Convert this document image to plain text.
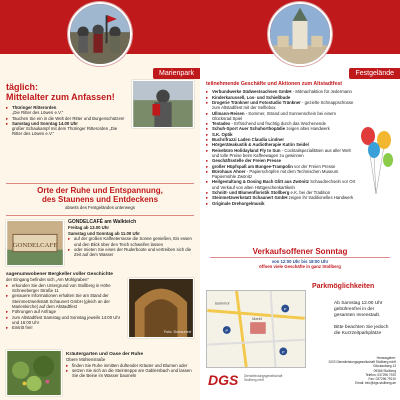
Marienpark
täglich:
Mittelalter zum Anfassen!
▸ Thüringer Ritterorden
„Die Ritter des Löwen e.V.“
▸ Tauchen Sie ein in die Welt der Ritter und Burgenschützen!
▸ Samstag und Sonntag 14.00 Uhr
großer Schaukampf mit dem Thüringer Ritterorden „Die Ritter des Löwen e.V.“
Orte der Ruhe und Entspannung,
des Staunens und Entdeckens
abseits des Festgeländes unterwegs
GONDELCAFE
GONDELCAFÉ am Walkteich
Freitag ab 13.00 Uhr
Samstag und Sonntag ab 11.00 Uhr
▸ auf der großen Kaffeeterrasse die Sonne genießen, Eis essen und den Blick über den Teich schweifen lassen
▸ oder mieten Sie eines der Ruderboote und vertreiben sich die Zeit auf dem Wasser
sagenumwobener Bergkeller voller Geschichte
der Eingang befindet sich „Am Mühlgraben“
▸ erkunden Sie den Untergrund von Stollberg in Höhe Schneeberger Straße 11
▸ genauere Informationen erhalten Sie am Stand der Steinmetzwerkstatt Schaunert GmbH (gleich an der Marienkirche) auf dem Altstadtfest
▸ Führungen auf Anfrage
▸ zum Altstadtfest Samstag und Sonntag jeweils 14:00 Uhr und 16:00 Uhr
▸ Eintritt frei!
Foto: Schaunert
Kräutergarten und Oase der Ruhe
Obere Mühlenstraße
▸ finden Sie Ruhe inmitten duftender Kräuter und Blumen oder
▸ setzen Sie sich an die Steintreppe am Gablersbach und lassen Sie die Beine im Wasser baumeln
Festgelände
teilnehmende Geschäfte und Aktionen zum Altstadtfest
▸ Verbundwerke Südwestsachsen GmbH - Mitmachaktion für Jedermann
▸ Kinderkarussell, Los- und Schießbude
▸ Drogerie Tränkner und Fotostudio Tränkner - gezielte Schnappschüsse zum Altstadtfest mit der Selfiebox
▸ Ullmann-Reisen - Sommer, Strand und Sonnenschein bei einem Glücksrad Spiel
▸ Textadex - Erfrischend und fruchtig durch das Wochenende
▸ Schuh-Sport Auer Schuhorthopädie zeigen altes Handwerk
▸ S.K. Optik
▸ Buchrifrazzi Laden Claudia Lindner
▸ Hörgeräteakustik & Audiotherapie Katrin Seidel
▸ Reisebüro Holidayland Fly to Sun - Cocktailspezialitäten aus aller Welt und tolle Preise beim Kaffeewagen zu gewinnen
▸ Geschäftsstelle der Freien Presse
▸ großer Hüpfspaß am Bungee-Trampolin vor der Freien Presse
▸ Bürohaus Ahner - Papierschöpfen mit dem Technischen Museum Papiermühle Zwönitz
▸ Heilgestaltung & Dosing Bach Glitt aus Zwönitz Schaudrechseln vor Ort und Verkauf von alten Hüttgeschenkartikeln
▸ Schnitt- und Blumenfloristik Stollberg e.K. bei der Tradition
▸ Steinmetzwerkstatt Schaunert GmbH zeigen ihr traditionelles Handwerk
▸ Originale Drehorgelmusik
Verkaufsoffener Sonntag
von 12:00 Uhr bis 18:00 Uhr
öffnen viele Geschäfte in ganz Stollberg
P
P
P
Bahnhof
Markt
Parkmöglichkeiten
Ab Samstag 12.00 Uhr gebührenfrei in der gesamten Innenstadt.
Bitte beachten Sie jedoch die Kurzzeitparkplätze
DGS	Dienstleistungsgesellschaft Stollberg mbH
Herausgeber:
DGS Dienstleistungsgesellschaft Stollberg mbH
Glückaufweg 13
09366 Stollberg
Telefon: 037296 7920
Fax: 037296 79210
Email: info@dgs-stollberg.de
